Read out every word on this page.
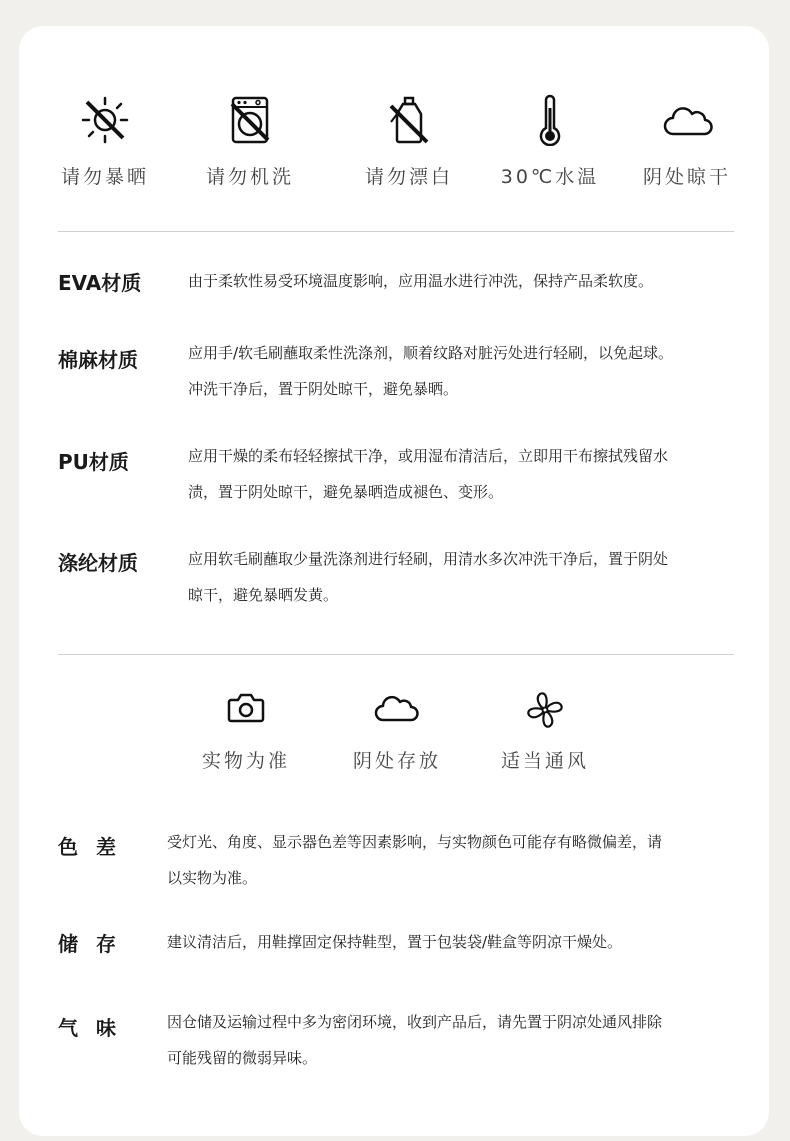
请勿暴晒	请勿机洗	请勿漂白	30℃水温	阴处晾干
EVA材质	由于柔软性易受环境温度影响，应用温水进行冲洗，保持产品柔软度。
棉麻材质	应用手/软毛刷蘸取柔性洗涤剂，顺着纹路对脏污处进行轻刷，以免起球。
冲洗干净后，置于阴处晾干，避免暴晒。
PU材质	应用干燥的柔布轻轻擦拭干净，或用湿布清洁后，立即用干布擦拭残留水
渍，置于阴处晾干，避免暴晒造成褪色、变形。
涤纶材质	应用软毛刷蘸取少量洗涤剂进行轻刷，用清水多次冲洗干净后，置于阴处
晾干，避免暴晒发黄。
实物为准	阴处存放	适当通风
色差 受灯光、角度、显示器色差等因素影响，与实物颜色可能存有略微偏差，请
以实物为准。
储存 建议清洁后，用鞋撑固定保持鞋型，置于包装袋/鞋盒等阴凉干燥处。
气味 因仓储及运输过程中多为密闭环境，收到产品后，请先置于阴凉处通风排除
可能残留的微弱异味。
